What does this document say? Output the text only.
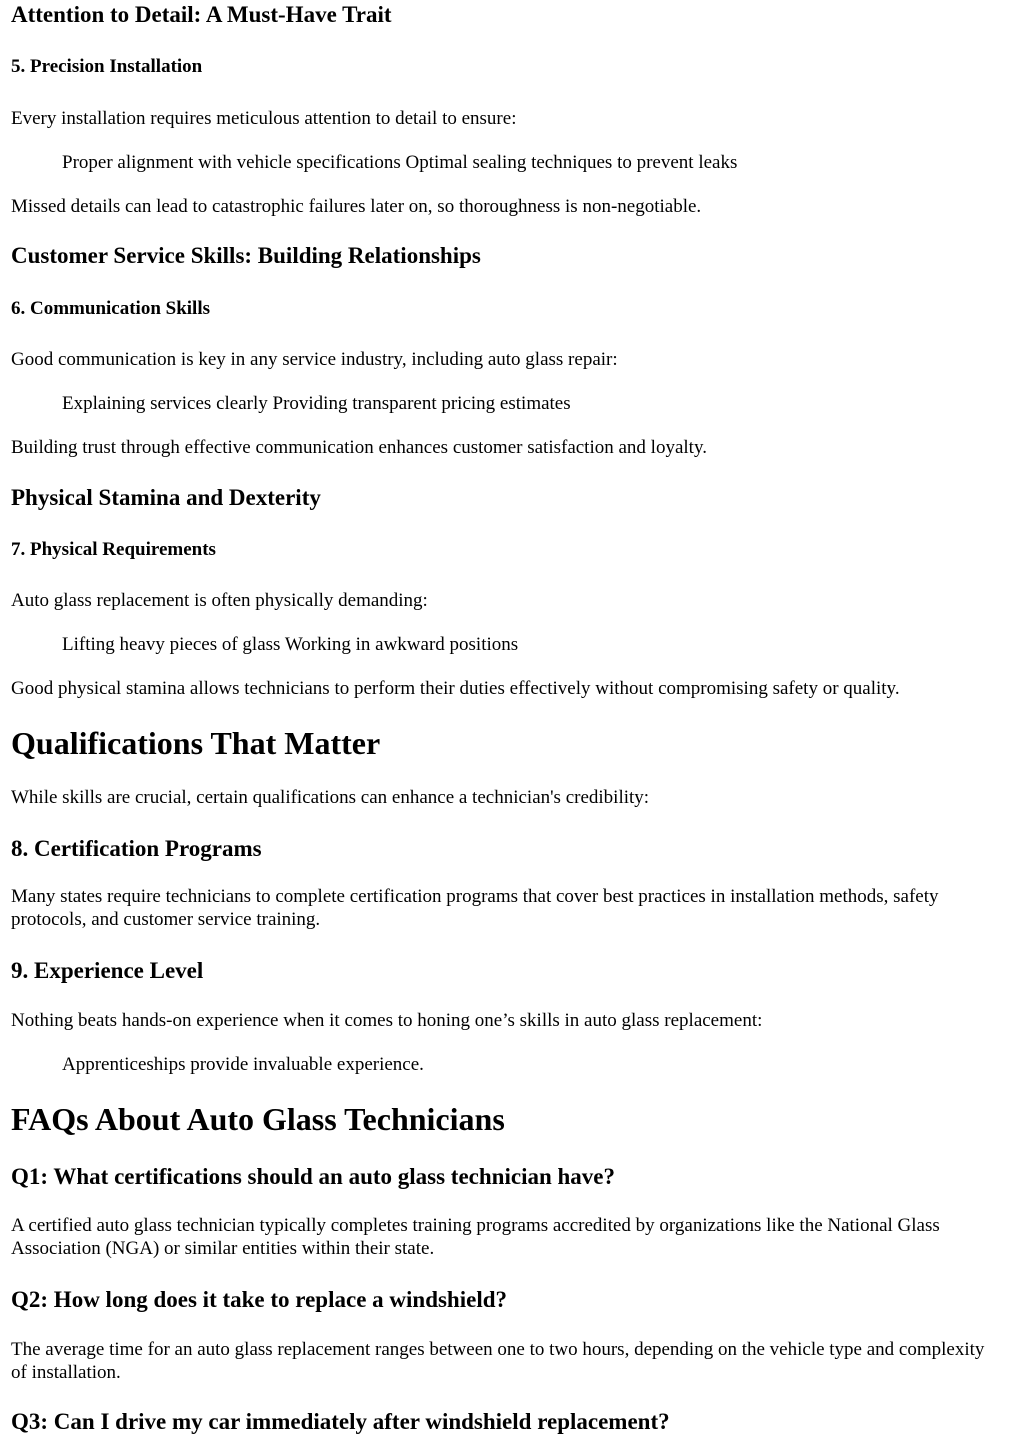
Attention to Detail: A Must-Have Trait
5. Precision Installation

Every installation requires meticulous attention to detail to ensure:

Proper alignment with vehicle specifications Optimal sealing techniques to prevent leaks

Missed details can lead to catastrophic failures later on, so thoroughness is non-negotiable.

Customer Service Skills: Building Relationships
6. Communication Skills

Good communication is key in any service industry, including auto glass repair:

Explaining services clearly Providing transparent pricing estimates

Building trust through effective communication enhances customer satisfaction and loyalty.

Physical Stamina and Dexterity
7. Physical Requirements

Auto glass replacement is often physically demanding:

Lifting heavy pieces of glass Working in awkward positions

Good physical stamina allows technicians to perform their duties effectively without compromising safety or quality.

Qualifications That Matter

While skills are crucial, certain qualifications can enhance a technician's credibility:

8. Certification Programs

Many states require technicians to complete certification programs that cover best practices in installation methods, safety protocols, and customer service training.

9. Experience Level

Nothing beats hands-on experience when it comes to honing one’s skills in auto glass replacement:

Apprenticeships provide invaluable experience.

FAQs About Auto Glass Technicians
Q1: What certifications should an auto glass technician have?

A certified auto glass technician typically completes training programs accredited by organizations like the National Glass Association (NGA) or similar entities within their state.

Q2: How long does it take to replace a windshield?

The average time for an auto glass replacement ranges between one to two hours, depending on the vehicle type and complexity of installation.

Q3: Can I drive my car immediately after windshield replacement?
